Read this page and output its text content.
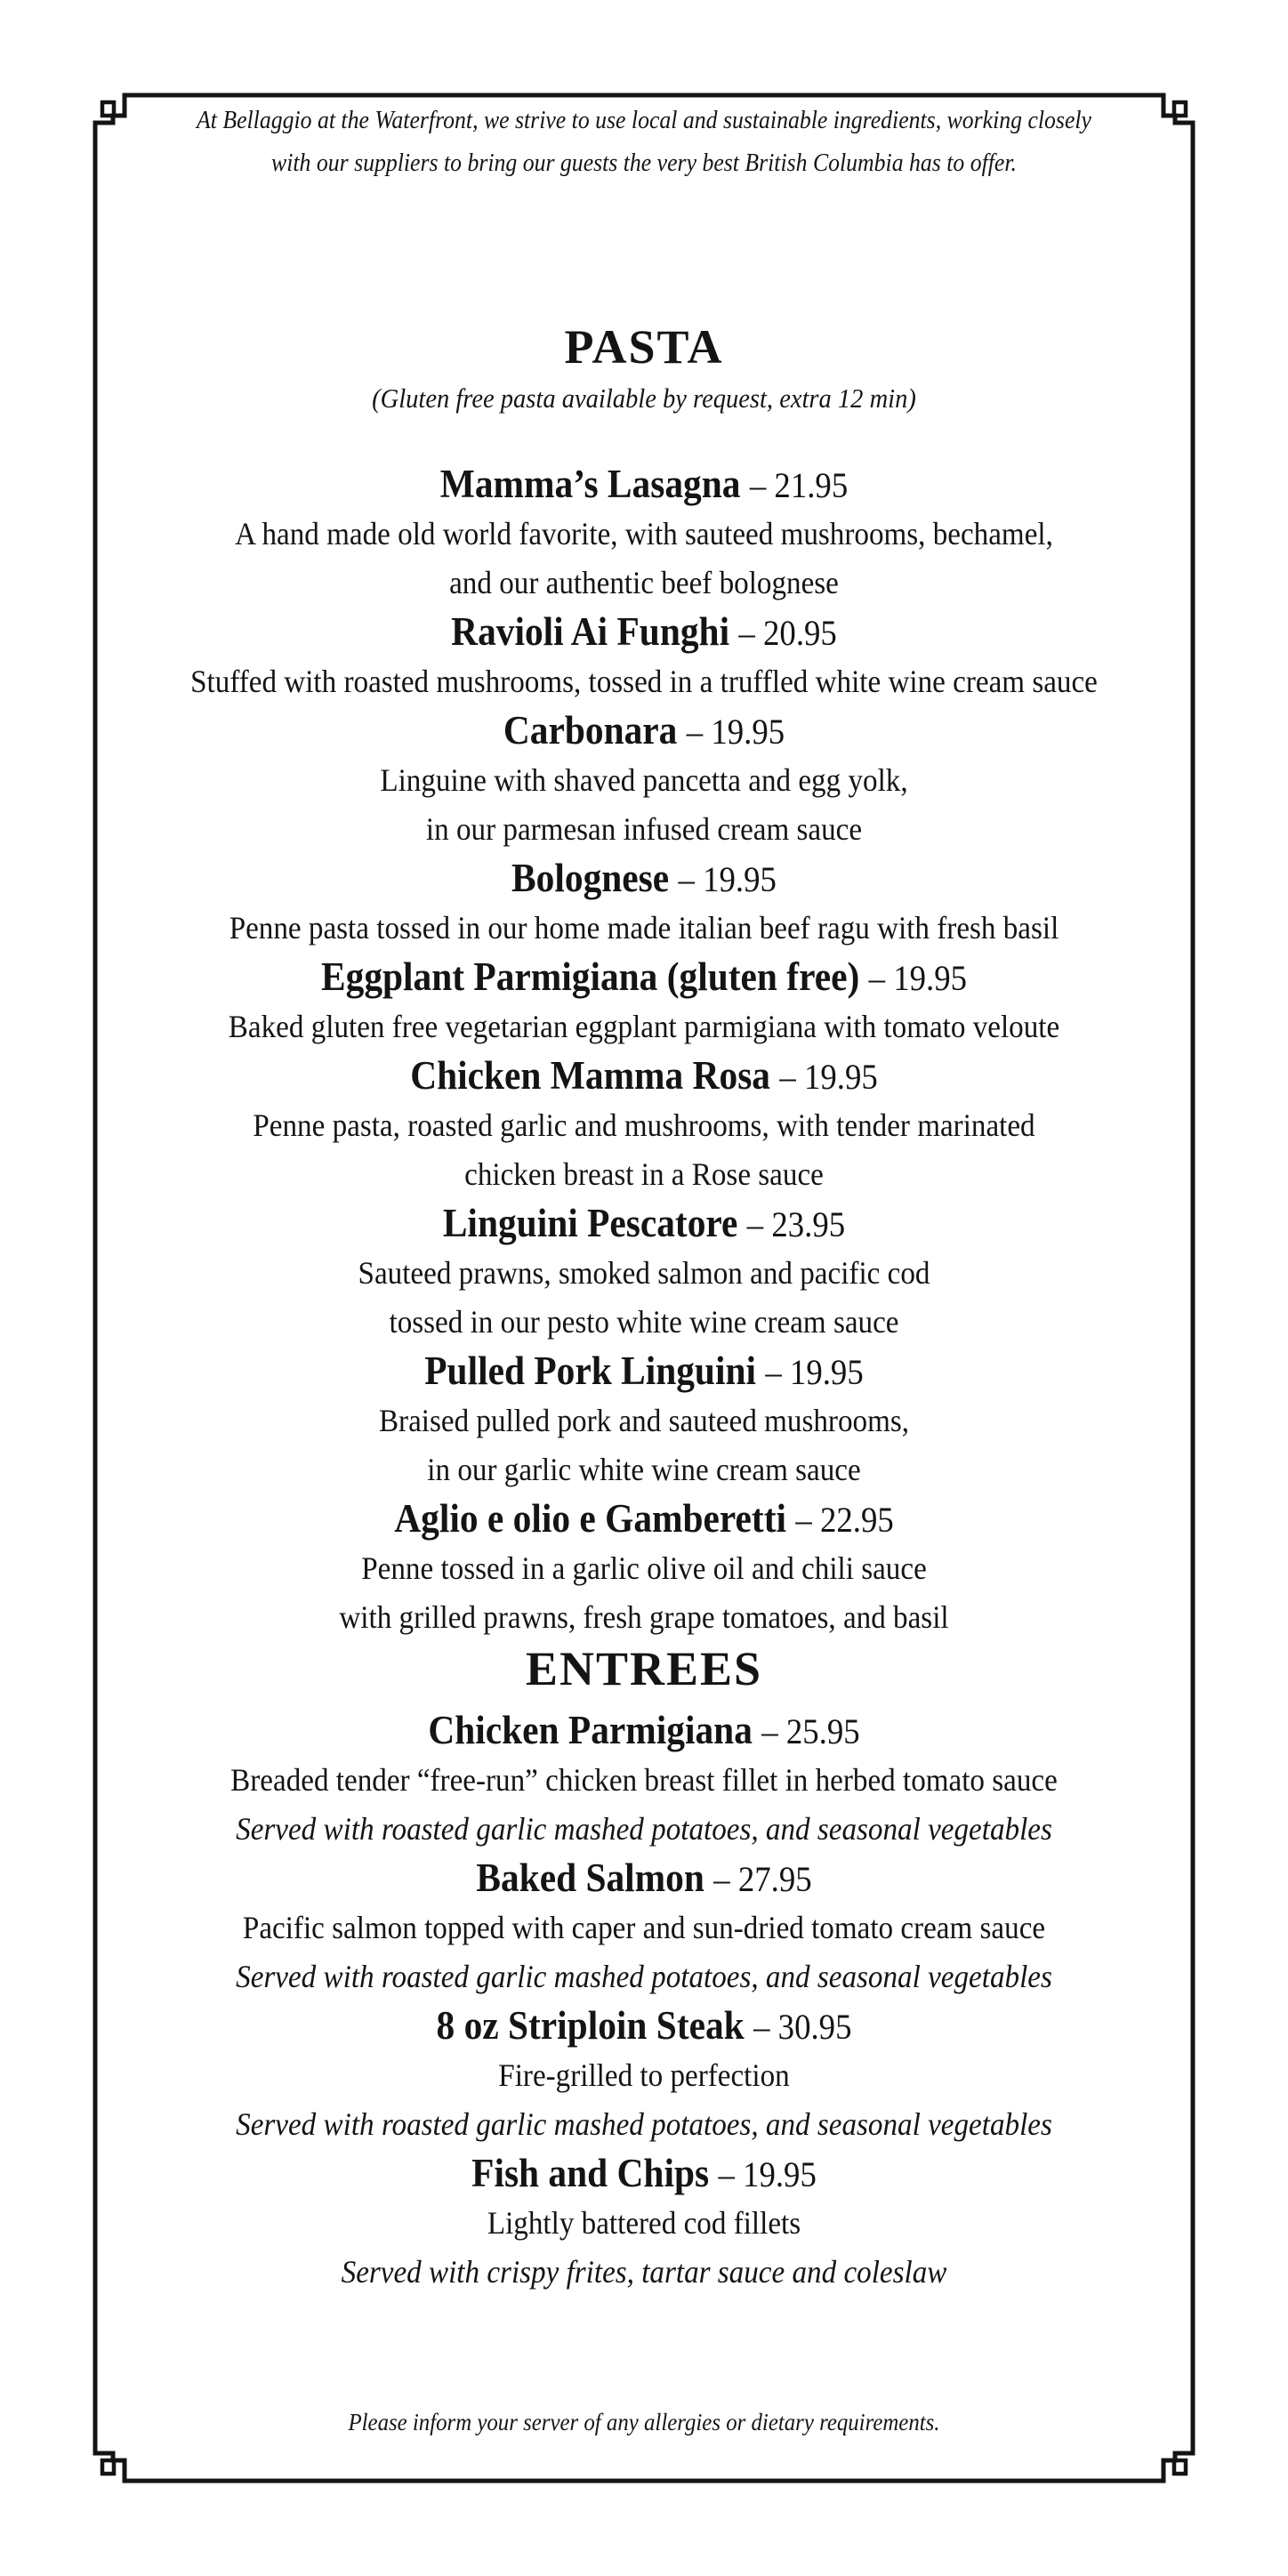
At Bellaggio at the Waterfront, we strive to use local and sustainable ingredients, working closely
with our suppliers to bring our guests the very best British Columbia has to offer.
PASTA
(Gluten free pasta available by request, extra 12 min)
Mamma’s Lasagna – 21.95
A hand made old world favorite, with sauteed mushrooms, bechamel,
and our authentic beef bolognese
Ravioli Ai Funghi – 20.95
Stuffed with roasted mushrooms, tossed in a truffled white wine cream sauce
Carbonara – 19.95
Linguine with shaved pancetta and egg yolk,
in our parmesan infused cream sauce
Bolognese – 19.95
Penne pasta tossed in our home made italian beef ragu with fresh basil
Eggplant Parmigiana (gluten free) – 19.95
Baked gluten free vegetarian eggplant parmigiana with tomato veloute
Chicken Mamma Rosa – 19.95
Penne pasta, roasted garlic and mushrooms, with tender marinated
chicken breast in a Rose sauce
Linguini Pescatore – 23.95
Sauteed prawns, smoked salmon and pacific cod
tossed in our pesto white wine cream sauce
Pulled Pork Linguini – 19.95
Braised pulled pork and sauteed mushrooms,
in our garlic white wine cream sauce
Aglio e olio e Gamberetti – 22.95
Penne tossed in a garlic olive oil and chili sauce
with grilled prawns, fresh grape tomatoes, and basil
ENTREES
Chicken Parmigiana – 25.95
Breaded tender “free-run” chicken breast fillet in herbed tomato sauce
Served with roasted garlic mashed potatoes, and seasonal vegetables
Baked Salmon – 27.95
Pacific salmon topped with caper and sun-dried tomato cream sauce
Served with roasted garlic mashed potatoes, and seasonal vegetables
8 oz Striploin Steak – 30.95
Fire-grilled to perfection
Served with roasted garlic mashed potatoes, and seasonal vegetables
Fish and Chips – 19.95
Lightly battered cod fillets
Served with crispy frites, tartar sauce and coleslaw
Please inform your server of any allergies or dietary requirements.
